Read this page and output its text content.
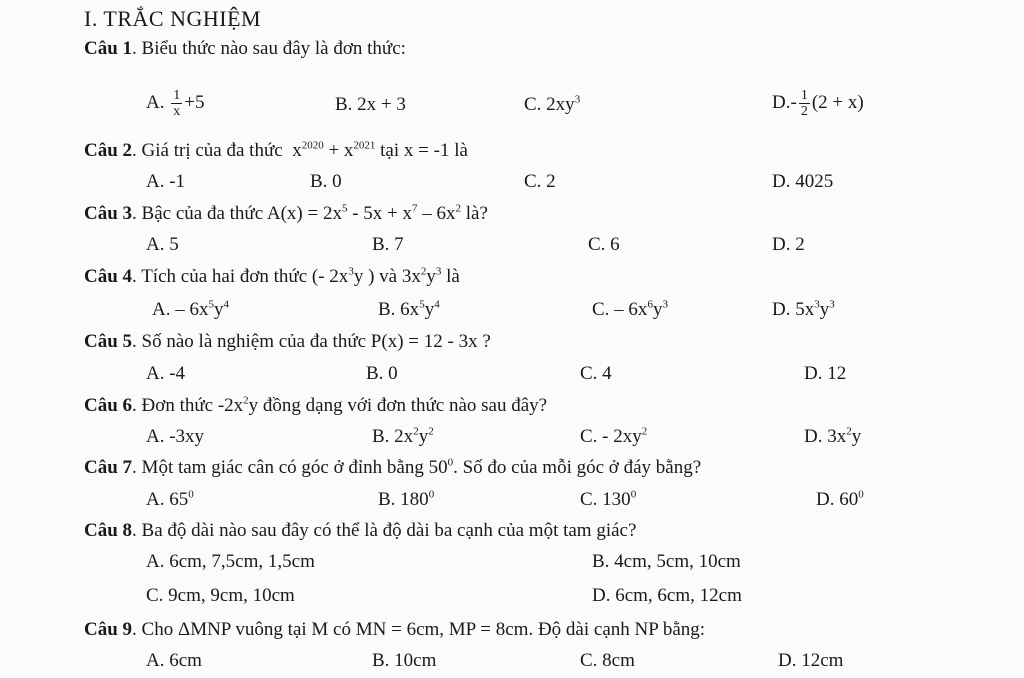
I. TRẮC NGHIỆM
Câu 1. Biểu thức nào sau đây là đơn thức:
A. $\frac{1}{x} +5$	B. 2x + 3	C. $2xy^3$	$D.- \frac{1}{2} (2 + x)$
Câu 2. Giá trị của đa thức $x^{2020} + x^{2021}$ tại x = -1 là
A. -1	B. 0	C. 2	D. 4025
Câu 3. Bậc của đa thức $A(x) = 2x^5 - 5x + x^7 - 6x^2$ là?
A. 5	B. 7	C. 6	D. 2
Câu 4. Tích của hai đơn thức (- $2x^3y$ ) và $3x^2y^3$ là
A. – $6x^5y^4$	B. $6x^5y^4$	C. – $6x^6y^3$	D. $5x^3y^3$
Câu 5. Số nào là nghiệm của đa thức P(x) = 12 - 3x ?
A. -4	B. 0	C. 4	D. 12
Câu 6. Đơn thức $-2x^2y$ đồng dạng với đơn thức nào sau đây?
A. -3xy	B. $2x^2y^2$	C. - $2xy^2$	D. $3x^2y$
Câu 7. Một tam giác cân có góc ở đỉnh bằng $50^0$. Số đo của mỗi góc ở đáy bằng?
A. $65^0$	B. $180^0$	C. $130^0$	D. $60^0$
Câu 8. Ba độ dài nào sau đây có thể là độ dài ba cạnh của một tam giác?
A. 6cm, 7,5cm, 1,5cm	B. 4cm, 5cm, 10cm
C. 9cm, 9cm, 10cm	D. 6cm, 6cm, 12cm
Câu 9. Cho ΔMNP vuông tại M có MN = 6cm, MP = 8cm. Độ dài cạnh NP bằng:
A. 6cm	B. 10cm	C. 8cm	D. 12cm
